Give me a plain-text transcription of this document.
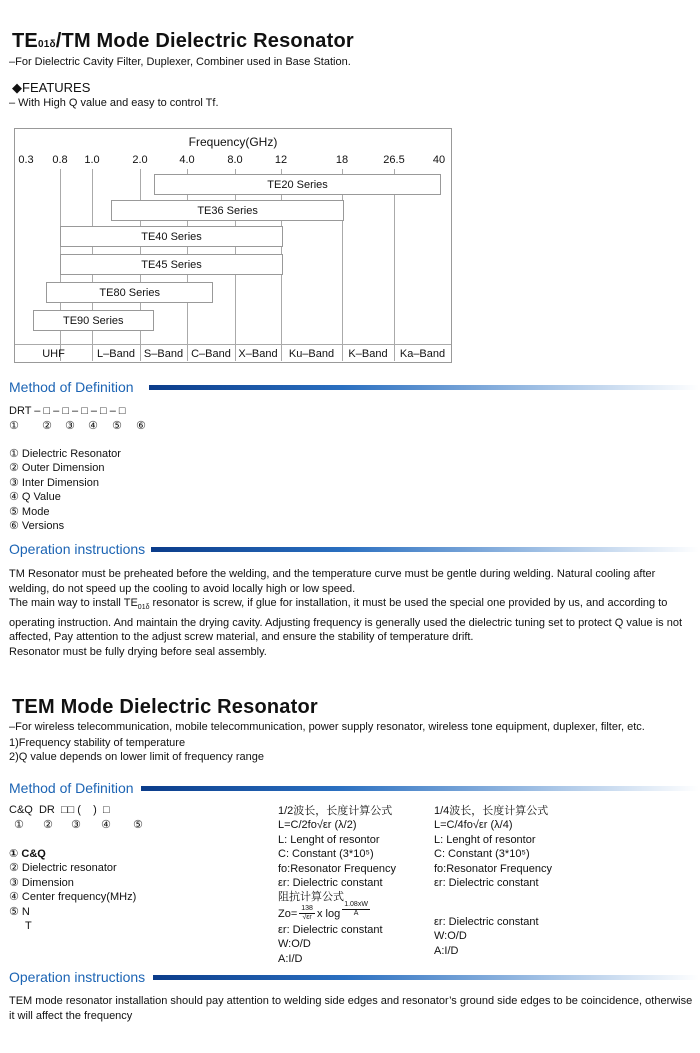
TE01δ/TM Mode Dielectric Resonator
–For Dielectric Cavity Filter, Duplexer, Combiner used in Base Station.
◆FEATURES
– With High Q value and easy to control Tf.
Frequency(GHz)
0.3 0.8 1.0	2.0	4.0	8.0	12	18	26.5	40
TE20 Series
TE36 Series
TE40 Series
TE45 Series
TE80 Series
TE90 Series
UHF	L–Band S–Band C–Band X–Band	Ku–Band	K–Band	Ka–Band
Method of Definition
DRT – □ – □ – □ – □ – □
① ② ③ ④ ⑤ ⑥
① Dielectric Resonator
② Outer Dimension
③ Inter Dimension
④ Q Value
⑤ Mode
⑥ Versions
Operation instructions
TM Resonator must be preheated before the welding, and the temperature curve must be gentle during welding. Natural cooling after welding, do not speed up the cooling to avoid locally high or low speed.
The main way to install $TE_{01\delta}$ resonator is screw, if glue for installation, it must be used the special one provided by us, and according to operating instruction. And maintain the drying cavity. Adjusting frequency is generally used the dielectric tuning set to protect Q value is not affected, Pay attention to the adjust screw material, and ensure the stability of temperature drift.
Resonator must be fully drying before seal assembly.
TEM Mode Dielectric Resonator
–For wireless telecommunication, mobile telecommunication, power supply resonator, wireless tone equipment, duplexer, filter, etc.
1)Frequency stability of temperature
2)Q value depends on lower limit of frequency range
Method of Definition
C&Q  DR  □□ (    )  □
① ② ③ ④ ⑤
① C&Q
② Dielectric resonator
③ Dimension
④ Center frequency(MHz)
⑤ N
T
1/2波长，长度计算公式
L=C/2fo√εr (λ/2)
L: Lenght of resontor
C: Constant (3*10⁵)
fo:Resonator Frequency
εr: Dielectric constant
阻抗计算公式
$Zo= \frac{138}{√\varepsilon r}$ x $\log \frac{1.08xW}{A}$
εr: Dielectric constant
W:O/D
A:I/D
1/4波长，长度计算公式
L=C/4fo√εr (λ/4)
L: Lenght of resontor
C: Constant (3*10⁵)
fo:Resonator Frequency
εr: Dielectric constant
εr: Dielectric constant
W:O/D
A:I/D
Operation instructions
TEM mode resonator installation should pay attention to welding side edges and resonator’s ground side edges to be coincidence, otherwise it will affect the frequency
